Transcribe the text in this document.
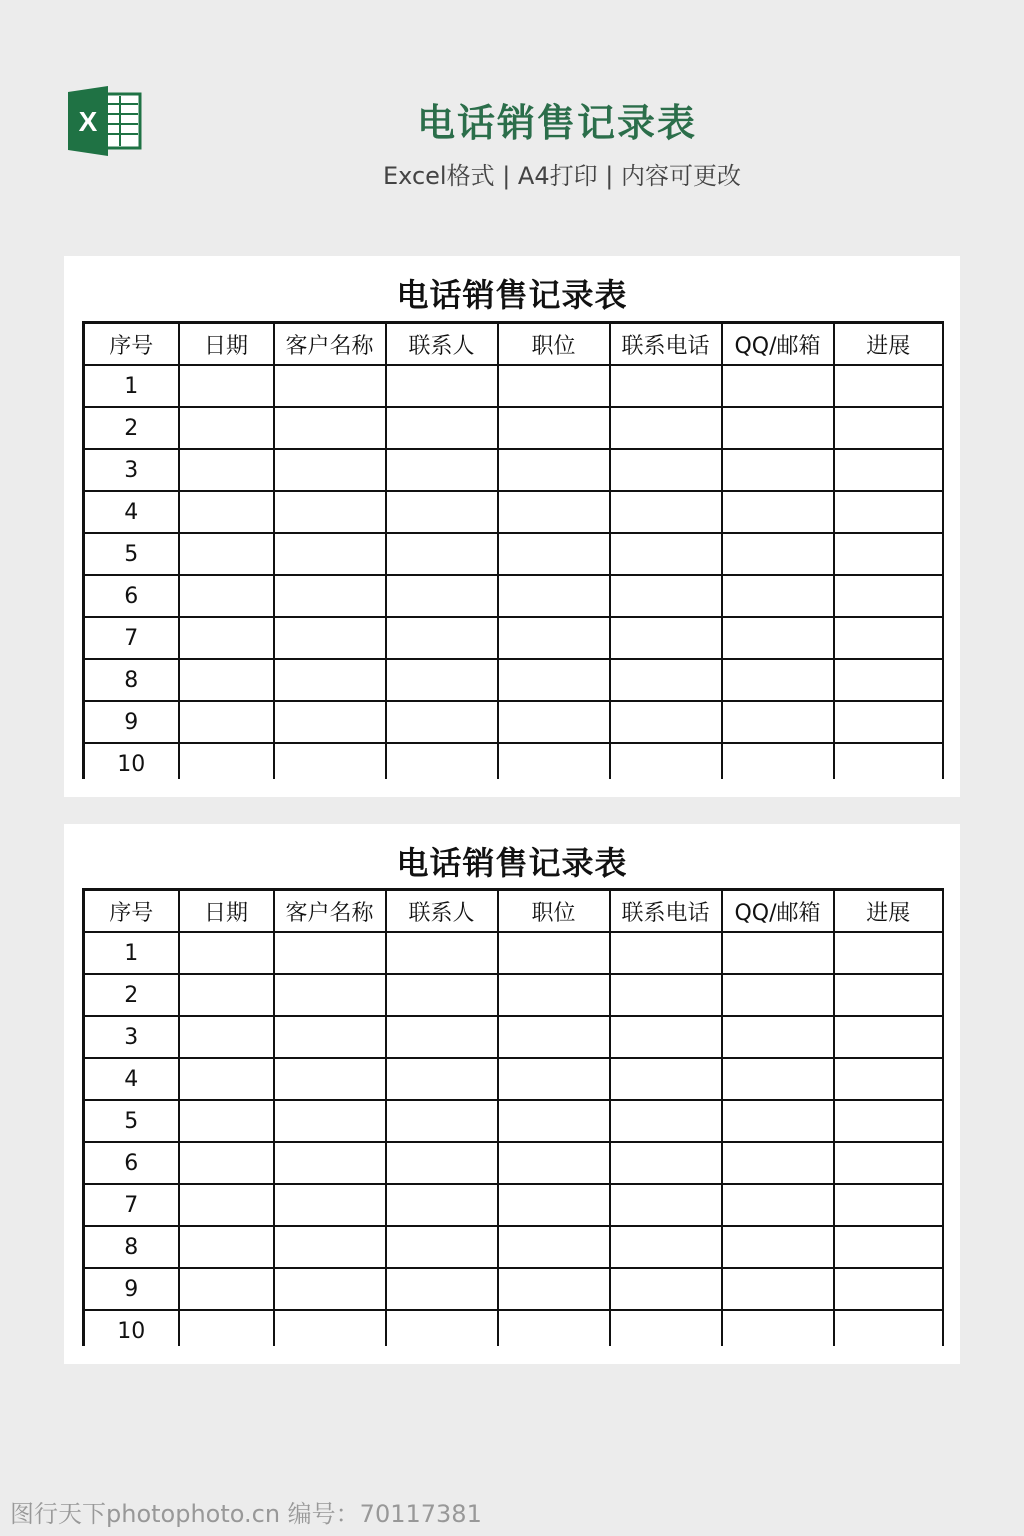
X	电话销售记录表
Excel格式 | A4打印 | 内容可更改
电话销售记录表
序号	日期	客户名称	联系人	职位	联系电话	QQ/邮箱	进展
1							
2							
3							
4							
5							
6							
7							
8							
9							
10							
电话销售记录表
序号	日期	客户名称	联系人	职位	联系电话	QQ/邮箱	进展
1							
2							
3							
4							
5							
6							
7							
8							
9							
10							
图行天下photophoto.cn 编号：70117381
